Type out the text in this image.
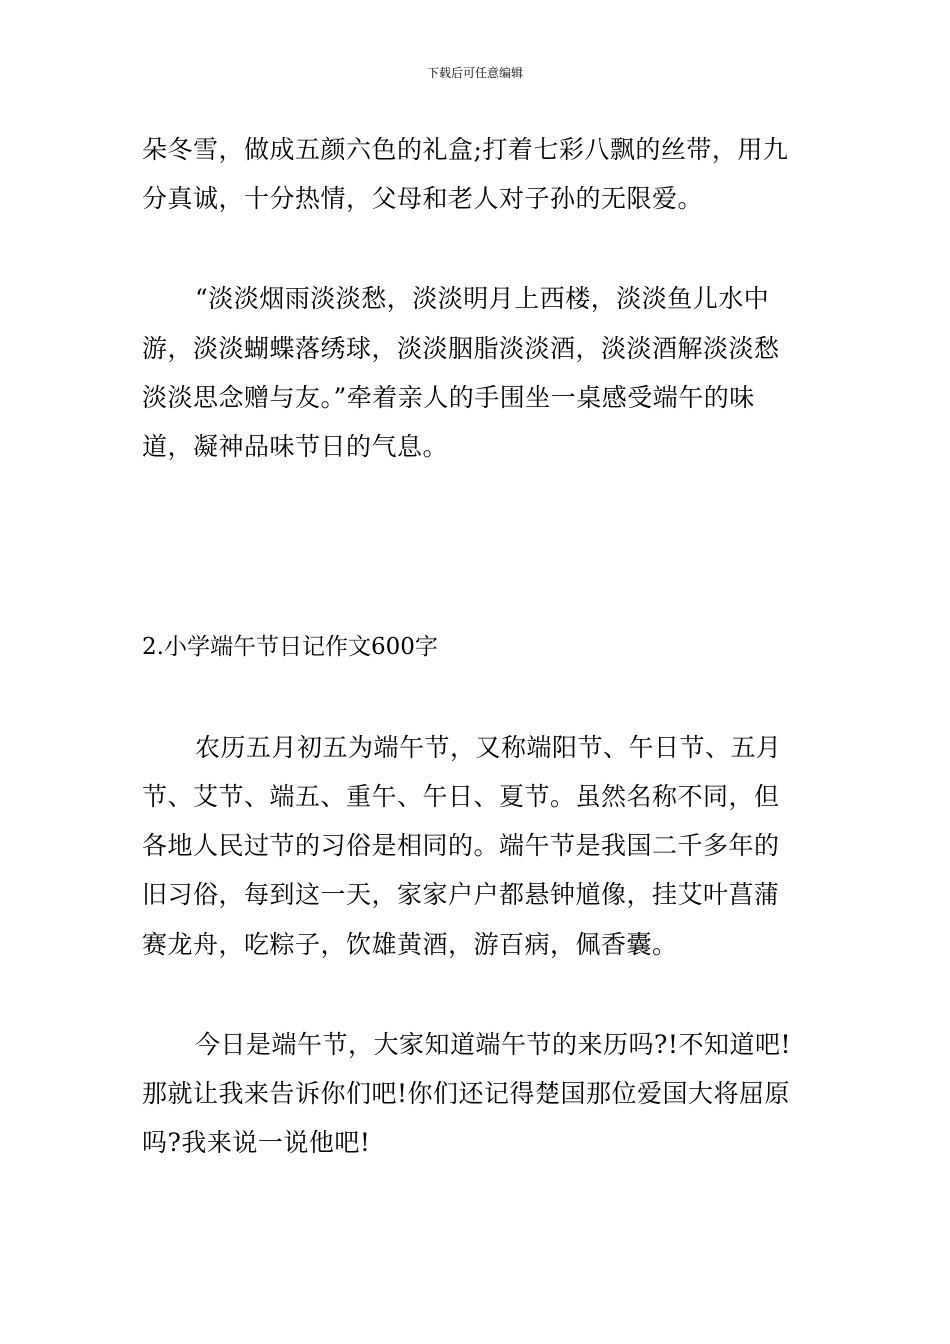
下载后可任意编辑
朵冬雪，做成五颜六色的礼盒;打着七彩八飘的丝带，用九
分真诚，十分热情，父母和老人对子孙的无限爱。
“淡淡烟雨淡淡愁，淡淡明月上西楼，淡淡鱼儿水中
游，淡淡蝴蝶落绣球，淡淡胭脂淡淡酒，淡淡酒解淡淡愁
淡淡思念赠与友。”牵着亲人的手围坐一桌感受端午的味
道，凝神品味节日的气息。
2.小学端午节日记作文600字
农历五月初五为端午节，又称端阳节、午日节、五月
节、艾节、端五、重午、午日、夏节。虽然名称不同，但
各地人民过节的习俗是相同的。端午节是我国二千多年的
旧习俗，每到这一天，家家户户都悬钟馗像，挂艾叶菖蒲
赛龙舟，吃粽子，饮雄黄酒，游百病，佩香囊。
今日是端午节，大家知道端午节的来历吗?!不知道吧!
那就让我来告诉你们吧!你们还记得楚国那位爱国大将屈原
吗?我来说一说他吧!
